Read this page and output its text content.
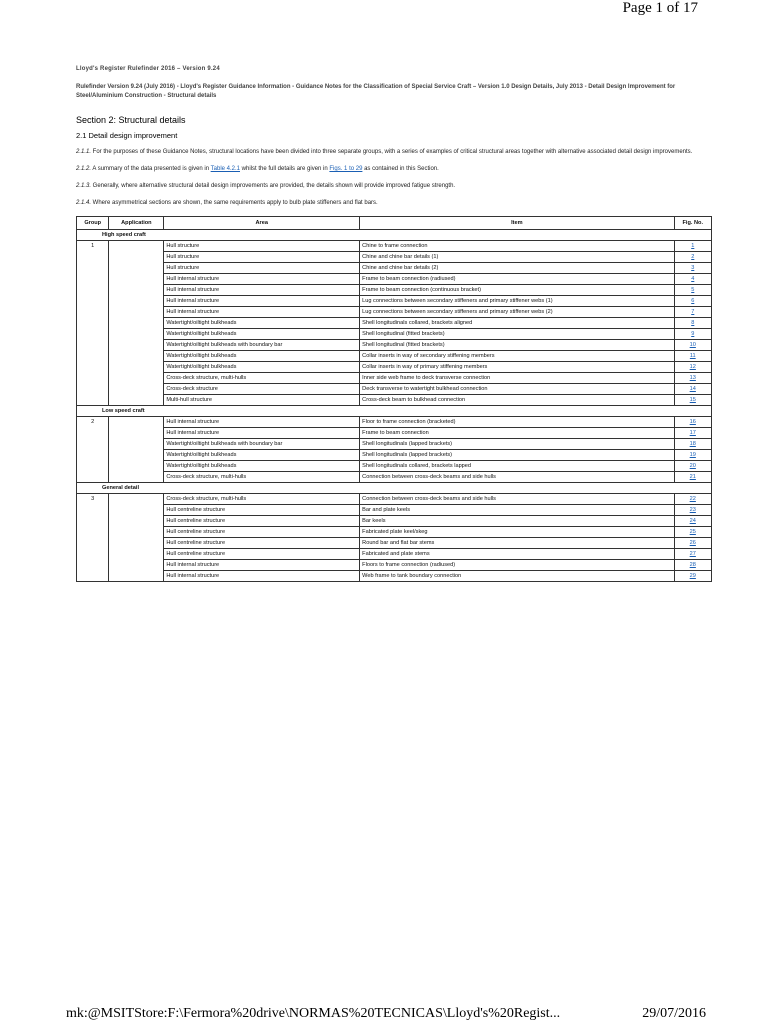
Page 1 of 17
Lloyd's Register Rulefinder 2016 – Version 9.24
Rulefinder Version 9.24 (July 2016) - Lloyd's Register Guidance Information - Guidance Notes for the Classification of Special Service Craft – Version 1.0 Design Details, July 2013 - Detail Design Improvement for Steel/Aluminium Construction - Structural details
Section 2: Structural details
2.1 Detail design improvement
2.1.1. For the purposes of these Guidance Notes, structural locations have been divided into three separate groups, with a series of examples of critical structural areas together with alternative associated detail design improvements.
2.1.2. A summary of the data presented is given in Table 4.2.1 whilst the full details are given in Figs. 1 to 29 as contained in this Section.
2.1.3. Generally, where alternative structural detail design improvements are provided, the details shown will provide improved fatigue strength.
2.1.4. Where asymmetrical sections are shown, the same requirements apply to bulb plate stiffeners and flat bars.
Group	Application	Area	Item	Fig. No.
High speed craft				
1		Hull structure	Chine to frame connection	1
		Hull structure	Chine and chine bar details (1)	2
		Hull structure	Chine and chine bar details (2)	3
		Hull internal structure	Frame to beam connection (radiused)	4
		Hull internal structure	Frame to beam connection (continuous bracket)	5
		Hull internal structure	Lug connections between secondary stiffeners and primary stiffener webs (1)	6
		Hull internal structure	Lug connections between secondary stiffeners and primary stiffener webs (2)	7
		Watertight/oiltight bulkheads	Shell longitudinals collared, brackets aligned	8
		Watertight/oiltight bulkheads	Shell longitudinal (fitted brackets)	9
		Watertight/oiltight bulkheads with boundary bar	Shell longitudinal (fitted brackets)	10
		Watertight/oiltight bulkheads	Collar inserts in way of secondary stiffening members	11
		Watertight/oiltight bulkheads	Collar inserts in way of primary stiffening members	12
		Cross-deck structure, multi-hulls	Inner side web frame to deck transverse connection	13
		Cross-deck structure	Deck transverse to watertight bulkhead connection	14
		Multi-hull structure	Cross-deck beam to bulkhead connection	15
Low speed craft				
2		Hull internal structure	Floor to frame connection (bracketed)	16
		Hull internal structure	Frame to beam connection	17
		Watertight/oiltight bulkheads with boundary bar	Shell longitudinals (lapped brackets)	18
		Watertight/oiltight bulkheads	Shell longitudinals (lapped brackets)	19
		Watertight/oiltight bulkheads	Shell longitudinals collared, brackets lapped	20
		Cross-deck structure, multi-hulls	Connection between cross-deck beams and side hulls	21
General detail				
3		Cross-deck structure, multi-hulls	Connection between cross-deck beams and side hulls	22
		Hull centreline structure	Bar and plate keels	23
		Hull centreline structure	Bar keels	24
		Hull centreline structure	Fabricated plate keel/skeg	25
		Hull centreline structure	Round bar and flat bar stems	26
		Hull centreline structure	Fabricated and plate stems	27
		Hull internal structure	Floors to frame connection (radiused)	28
		Hull internal structure	Web frame to tank boundary connection	29
mk:@MSITStore:F:\Fermora%20drive\NORMAS%20TECNICAS\Lloyd's%20Regist...	29/07/2016
